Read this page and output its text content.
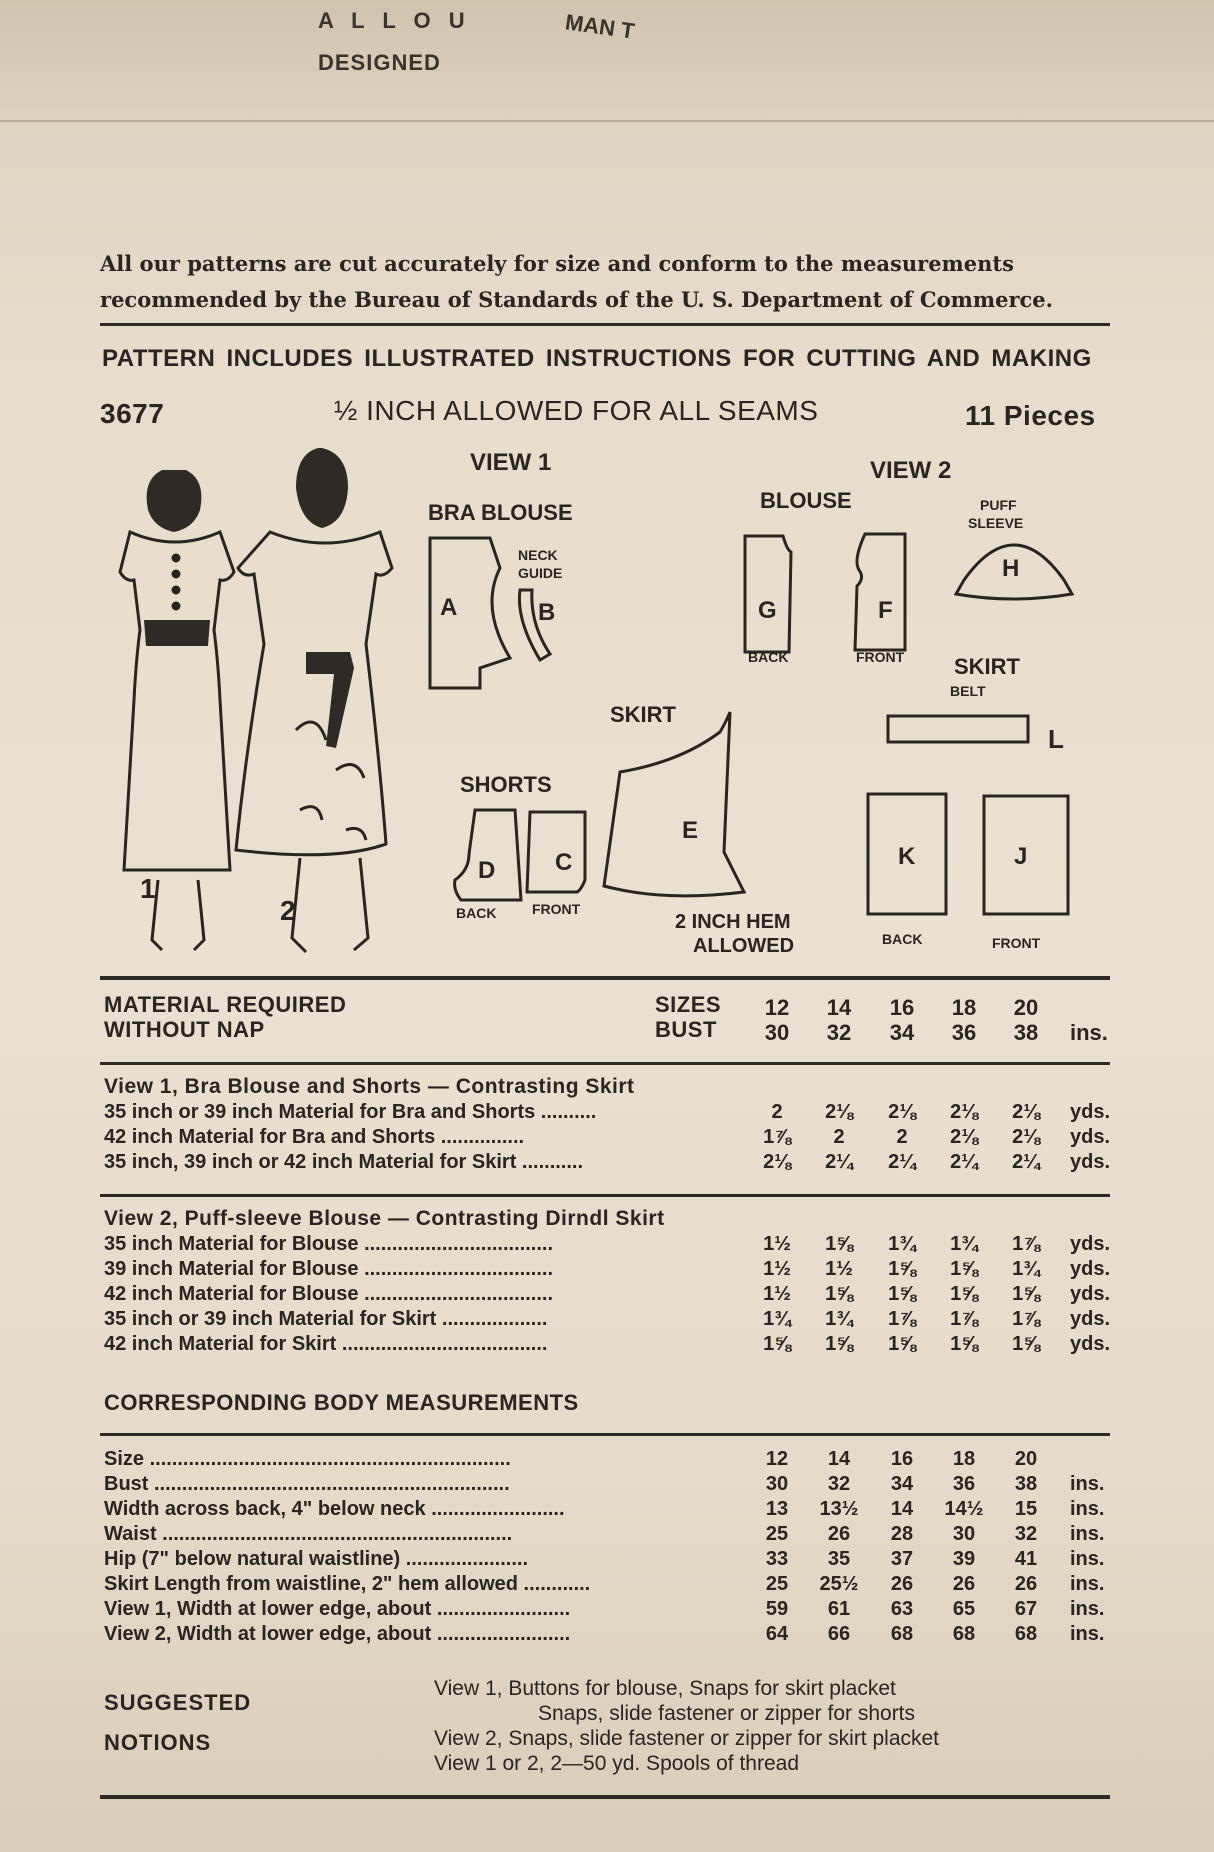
A L L O U	MAN T
DESIGNED
All our patterns are cut accurately for size and conform to the measurements
recommended by the Bureau of Standards of the U. S. Department of Commerce.
PATTERN INCLUDES ILLUSTRATED INSTRUCTIONS FOR CUTTING AND MAKING
3677	½ INCH ALLOWED FOR ALL SEAMS	11 Pieces
1
2
VIEW 1
BRA BLOUSE
A	B
NECK
GUIDE
SHORTS
D C
BACK	FRONT
SKIRT
E
2 INCH HEM
ALLOWED
VIEW 2
BLOUSE
G
BACK
F
FRONT
PUFF
SLEEVE
H
SKIRT
BELT
L
K
BACK
J
FRONT
MATERIAL REQUIRED
WITHOUT NAP
SIZES
BUST
12	14	16	18	20
30	32	34	36	38	ins.
View 1, Bra Blouse and Shorts — Contrasting Skirt
35 inch or 39 inch Material for Bra and Shorts ..........	2	2⅛	2⅛	2⅛	2⅛	yds.
42 inch Material for Bra and Shorts ...............	1⅞	2	2	2⅛	2⅛	yds.
35 inch, 39 inch or 42 inch Material for Skirt ...........	2⅛	2¼	2¼	2¼	2¼	yds.
View 2, Puff-sleeve Blouse — Contrasting Dirndl Skirt
35 inch Material for Blouse ..................................	1½	1⅝	1¾	1¾	1⅞	yds.
39 inch Material for Blouse ..................................	1½	1½	1⅝	1⅝	1¾	yds.
42 inch Material for Blouse ..................................	1½	1⅝	1⅝	1⅝	1⅝	yds.
35 inch or 39 inch Material for Skirt ...................	1¾	1¾	1⅞	1⅞	1⅞	yds.
42 inch Material for Skirt .....................................	1⅝	1⅝	1⅝	1⅝	1⅝	yds.
CORRESPONDING BODY MEASUREMENTS
Size .................................................................	12	14	16	18	20
Bust ................................................................	30	32	34	36	38	ins.
Width across back, 4" below neck ........................	13	13½	14	14½	15	ins.
Waist ...............................................................	25	26	28	30	32	ins.
Hip (7" below natural waistline) ......................	33	35	37	39	41	ins.
Skirt Length from waistline, 2" hem allowed ............	25	25½	26	26	26	ins.
View 1, Width at lower edge, about ........................	59	61	63	65	67	ins.
View 2, Width at lower edge, about ........................	64	66	68	68	68	ins.
SUGGESTED
NOTIONS
View 1, Buttons for blouse, Snaps for skirt placket
Snaps, slide fastener or zipper for shorts
View 2, Snaps, slide fastener or zipper for skirt placket
View 1 or 2, 2—50 yd. Spools of thread
